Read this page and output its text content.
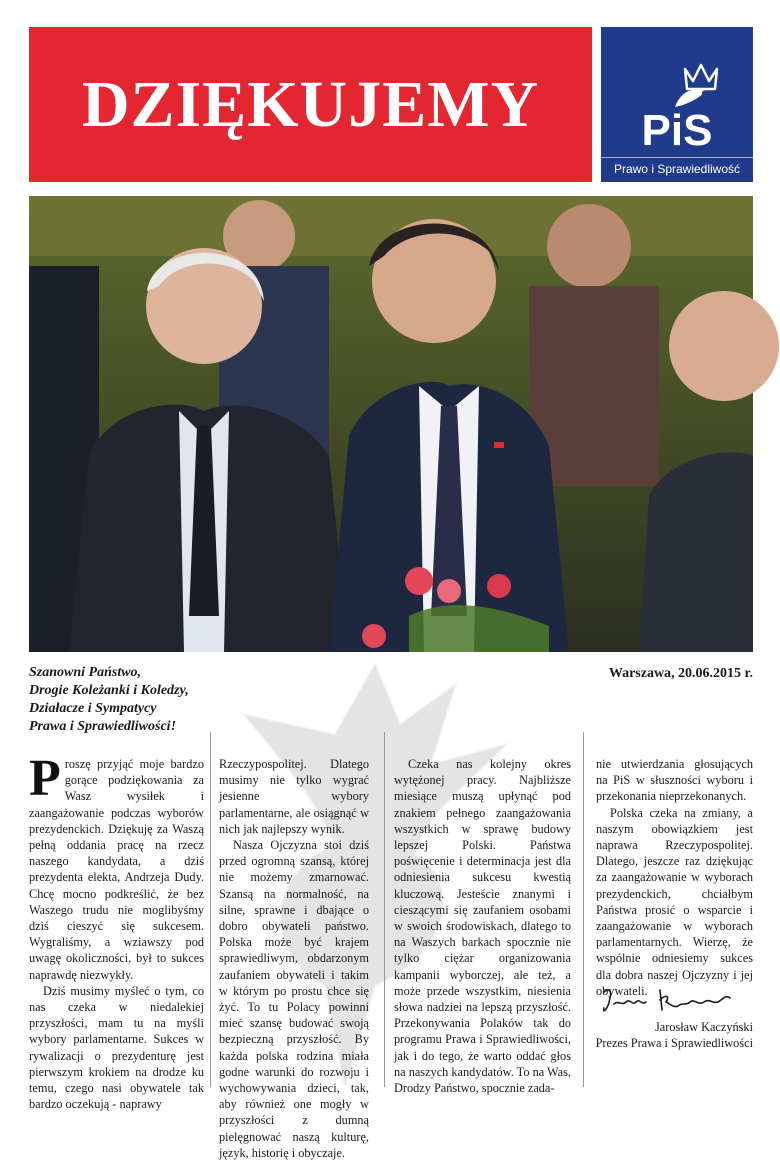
DZIĘKUJEMY	PiS
Prawo i Sprawiedliwość
Szanowni Państwo,
Drogie Koleżanki i Koledzy,
Działacze i Sympatycy
Prawa i Sprawiedliwości!
Warszawa, 20.06.2015 r.

Proszę przyjąć moje bardzo gorące podziękowania za Wasz wysiłek i zaangażowanie podczas wyborów prezydenckich. Dziękuję za Waszą pełną oddania pracę na rzecz naszego kandydata, a dziś prezydenta elekta, Andrzeja Dudy. Chcę mocno podkreślić, że bez Waszego trudu nie moglibyśmy dziś cieszyć się sukcesem. Wygraliśmy, a wziawszy pod uwagę okoliczności, był to sukces naprawdę niezwykły.

Dziś musimy myśleć o tym, co nas czeka w niedalekiej przyszłości, mam tu na myśli wybory parlamentarne. Sukces w rywalizacji o prezydenturę jest pierwszym krokiem na drodze ku temu, czego nasi obywatele tak bardzo oczekują - naprawy

Rzeczypospolitej. Dlatego musimy nie tylko wygrać jesienne wybory parlamentarne, ale osiągnąć w nich jak najlepszy wynik.

Nasza Ojczyzna stoi dziś przed ogromną szansą, której nie możemy zmarnować. Szansą na normalność, na silne, sprawne i dbające o dobro obywateli państwo. Polska może być krajem sprawiedliwym, obdarzonym zaufaniem obywateli i takim w którym po prostu chce się żyć. To tu Polacy powinni mieć szansę budować swoją bezpieczną przyszłość. By każda polska rodzina miała godne warunki do rozwoju i wychowywania dzieci, tak, aby również one mogły w przyszłości z dumną pielęgnować naszą kulturę, język, historię i obyczaje.

Czeka nas kolejny okres wytężonej pracy. Najbliższe miesiące muszą upłynąć pod znakiem pełnego zaangażowania wszystkich w sprawę budowy lepszej Polski. Państwa poświęcenie i determinacja jest dla odniesienia sukcesu kwestią kluczową. Jesteście znanymi i cieszącymi się zaufaniem osobami w swoich środowiskach, dlatego to na Waszych barkach spocznie nie tylko ciężar organizowania kampanii wyborczej, ale też, a może przede wszystkim, niesienia słowa nadziei na lepszą przyszłość. Przekonywania Polaków tak do programu Prawa i Sprawiedliwości, jak i do tego, że warto oddać głos na naszych kandydatów. To na Was, Drodzy Państwo, spocznie zada-

nie utwierdzania głosujących na PiS w słuszności wyboru i przekonania nieprzekonanych.

Polska czeka na zmiany, a naszym obowiązkiem jest naprawa Rzeczypospolitej. Dlatego, jeszcze raz dziękując za zaangażowanie w wyborach prezydenckich, chciałbym Państwa prosić o wsparcie i zaangażowanie w wyborach parlamentarnych. Wierzę, że wspólnie odniesiemy sukces dla dobra naszej Ojczyzny i jej obywateli.

Jarosław Kaczyński
Prezes Prawa i Sprawiedliwości
